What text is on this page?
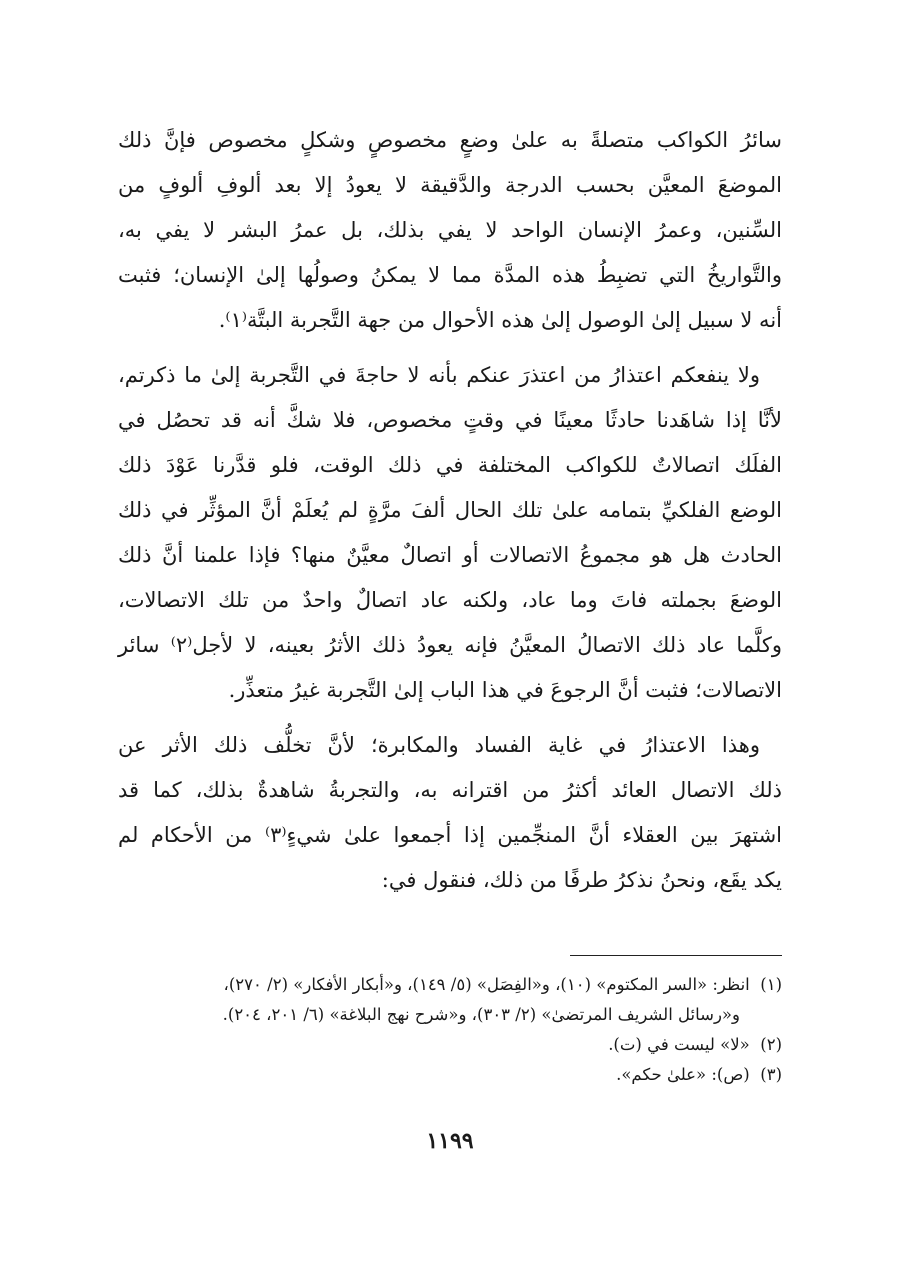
سائرُ الكواكب متصلةً به علىٰ وضعٍ مخصوصٍ وشكلٍ مخصوص فإنَّ ذلك
الموضعَ المعيَّن بحسب الدرجة والدَّقيقة لا يعودُ إلا بعد ألوفِ ألوفٍ من
السِّنين، وعمرُ الإنسان الواحد لا يفي بذلك، بل عمرُ البشر لا يفي به،
والتَّواريخُ التي تضبِطُ هذه المدَّة مما لا يمكنُ وصولُها إلىٰ الإنسان؛ فثبت
أنه لا سبيل إلىٰ الوصول إلىٰ هذه الأحوال من جهة التَّجربة البتَّة⁽١⁾.

ولا ينفعكم اعتذارُ من اعتذرَ عنكم بأنه لا حاجةَ في التَّجربة إلىٰ ما ذكرتم،
لأنَّا إذا شاهَدنا حادثًا معينًا في وقتٍ مخصوص، فلا شكَّ أنه قد تحصُل في
الفلَك اتصالاتٌ للكواكب المختلفة في ذلك الوقت، فلو قدَّرنا عَوْدَ ذلك
الوضع الفلكيِّ بتمامه علىٰ تلك الحال ألفَ مرَّةٍ لم يُعلَمْ أنَّ المؤثِّر في ذلك
الحادث هل هو مجموعُ الاتصالات أو اتصالٌ معيَّنٌ منها؟ فإذا علمنا أنَّ ذلك
الوضعَ بجملته فاتَ وما عاد، ولكنه عاد اتصالٌ واحدٌ من تلك الاتصالات،
وكلَّما عاد ذلك الاتصالُ المعيَّنُ فإنه يعودُ ذلك الأثرُ بعينه، لا لأجل⁽٢⁾ سائر
الاتصالات؛ فثبت أنَّ الرجوعَ في هذا الباب إلىٰ التَّجربة غيرُ متعذِّر.

وهذا الاعتذارُ في غاية الفساد والمكابرة؛ لأنَّ تخلُّف ذلك الأثر عن
ذلك الاتصال العائد أكثرُ من اقترانه به، والتجربةُ شاهدةٌ بذلك، كما قد
اشتهرَ بين العقلاء أنَّ المنجِّمين إذا أجمعوا علىٰ شيءٍ⁽٣⁾ من الأحكام لم
يكد يقَع، ونحنُ نذكرُ طرفًا من ذلك، فنقول في:

(١)  انظر: «السر المكتوم» (١٠)، و«الفِصَل» (٥/ ١٤٩)، و«أبكار الأفكار» (٢/ ٢٧٠)،
و«رسائل الشريف المرتضىٰ» (٢/ ٣٠٣)، و«شرح نهج البلاغة» (٦/ ٢٠١، ٢٠٤).
(٢)  «لا» ليست في (ت).
(٣)  (ص): «علىٰ حكم».
١١٩٩
